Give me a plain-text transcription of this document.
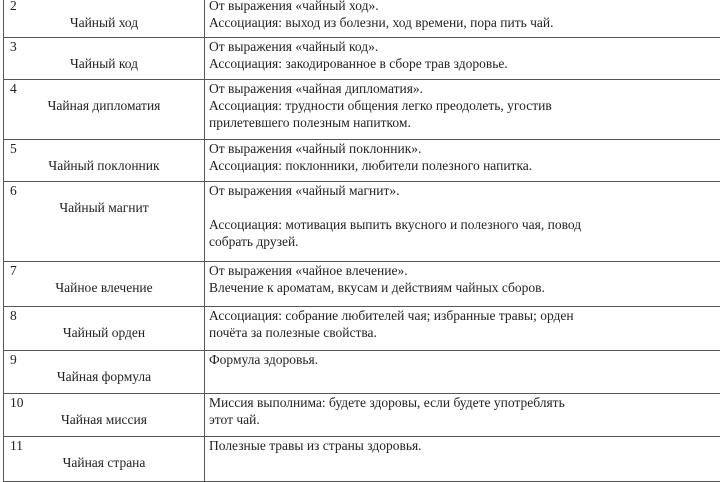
2
Чайный ход	От выражения «чайный ход».
Ассоциация: выход из болезни, ход времени, пора пить чай.

3
Чайный код	От выражения «чайный код».
Ассоциация: закодированное в сборе трав здоровье.

4
Чайная дипломатия	От выражения «чайная дипломатия».
Ассоциация: трудности общения легко преодолеть, угостив
прилетевшего полезным напитком.

5
Чайный поклонник	От выражения «чайный поклонник».
Ассоциация: поклонники, любители полезного напитка.

6
Чайный магнит	От выражения «чайный магнит».
Ассоциация: мотивация выпить вкусного и полезного чая, повод
собрать друзей.

7
Чайное влечение	От выражения «чайное влечение».
Влечение к ароматам, вкусам и действиям чайных сборов.

8
Чайный орден	Ассоциация: собрание любителей чая; избранные травы; орден
почёта за полезные свойства.

9
Чайная формула	Формула здоровья.

10
Чайная миссия	Миссия выполнима: будете здоровы, если будете употреблять
этот чай.

11
Чайная страна	Полезные травы из страны здоровья.
